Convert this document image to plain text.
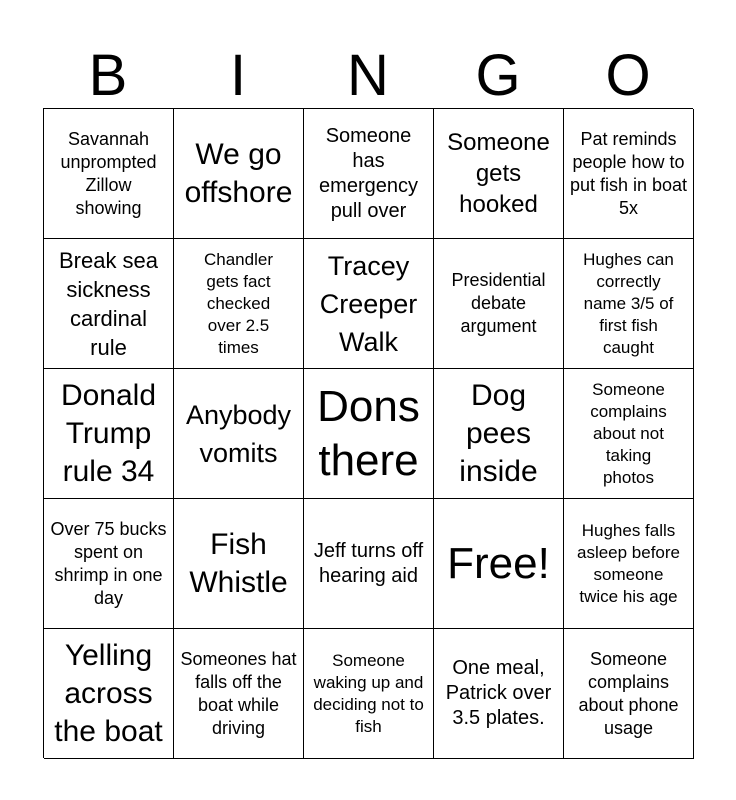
B	I	N	G	O
Savannah unprompted Zillow showing
We go offshore
Someone has emergency pull over
Someone gets hooked
Pat reminds people how to put fish in boat 5x
Break sea sickness cardinal rule
Chandler gets fact checked over 2.5 times
Tracey Creeper Walk
Presidential debate argument
Hughes can correctly name 3/5 of first fish caught
Donald Trump rule 34
Anybody vomits
Dons there
Dog pees inside
Someone complains about not taking photos
Over 75 bucks spent on shrimp in one day
Fish Whistle
Jeff turns off hearing aid Free!
Hughes falls asleep before someone twice his age
Yelling across the boat
Someones hat falls off the boat while driving
Someone waking up and deciding not to fish
One meal, Patrick over 3.5 plates.
Someone complains about phone usage
